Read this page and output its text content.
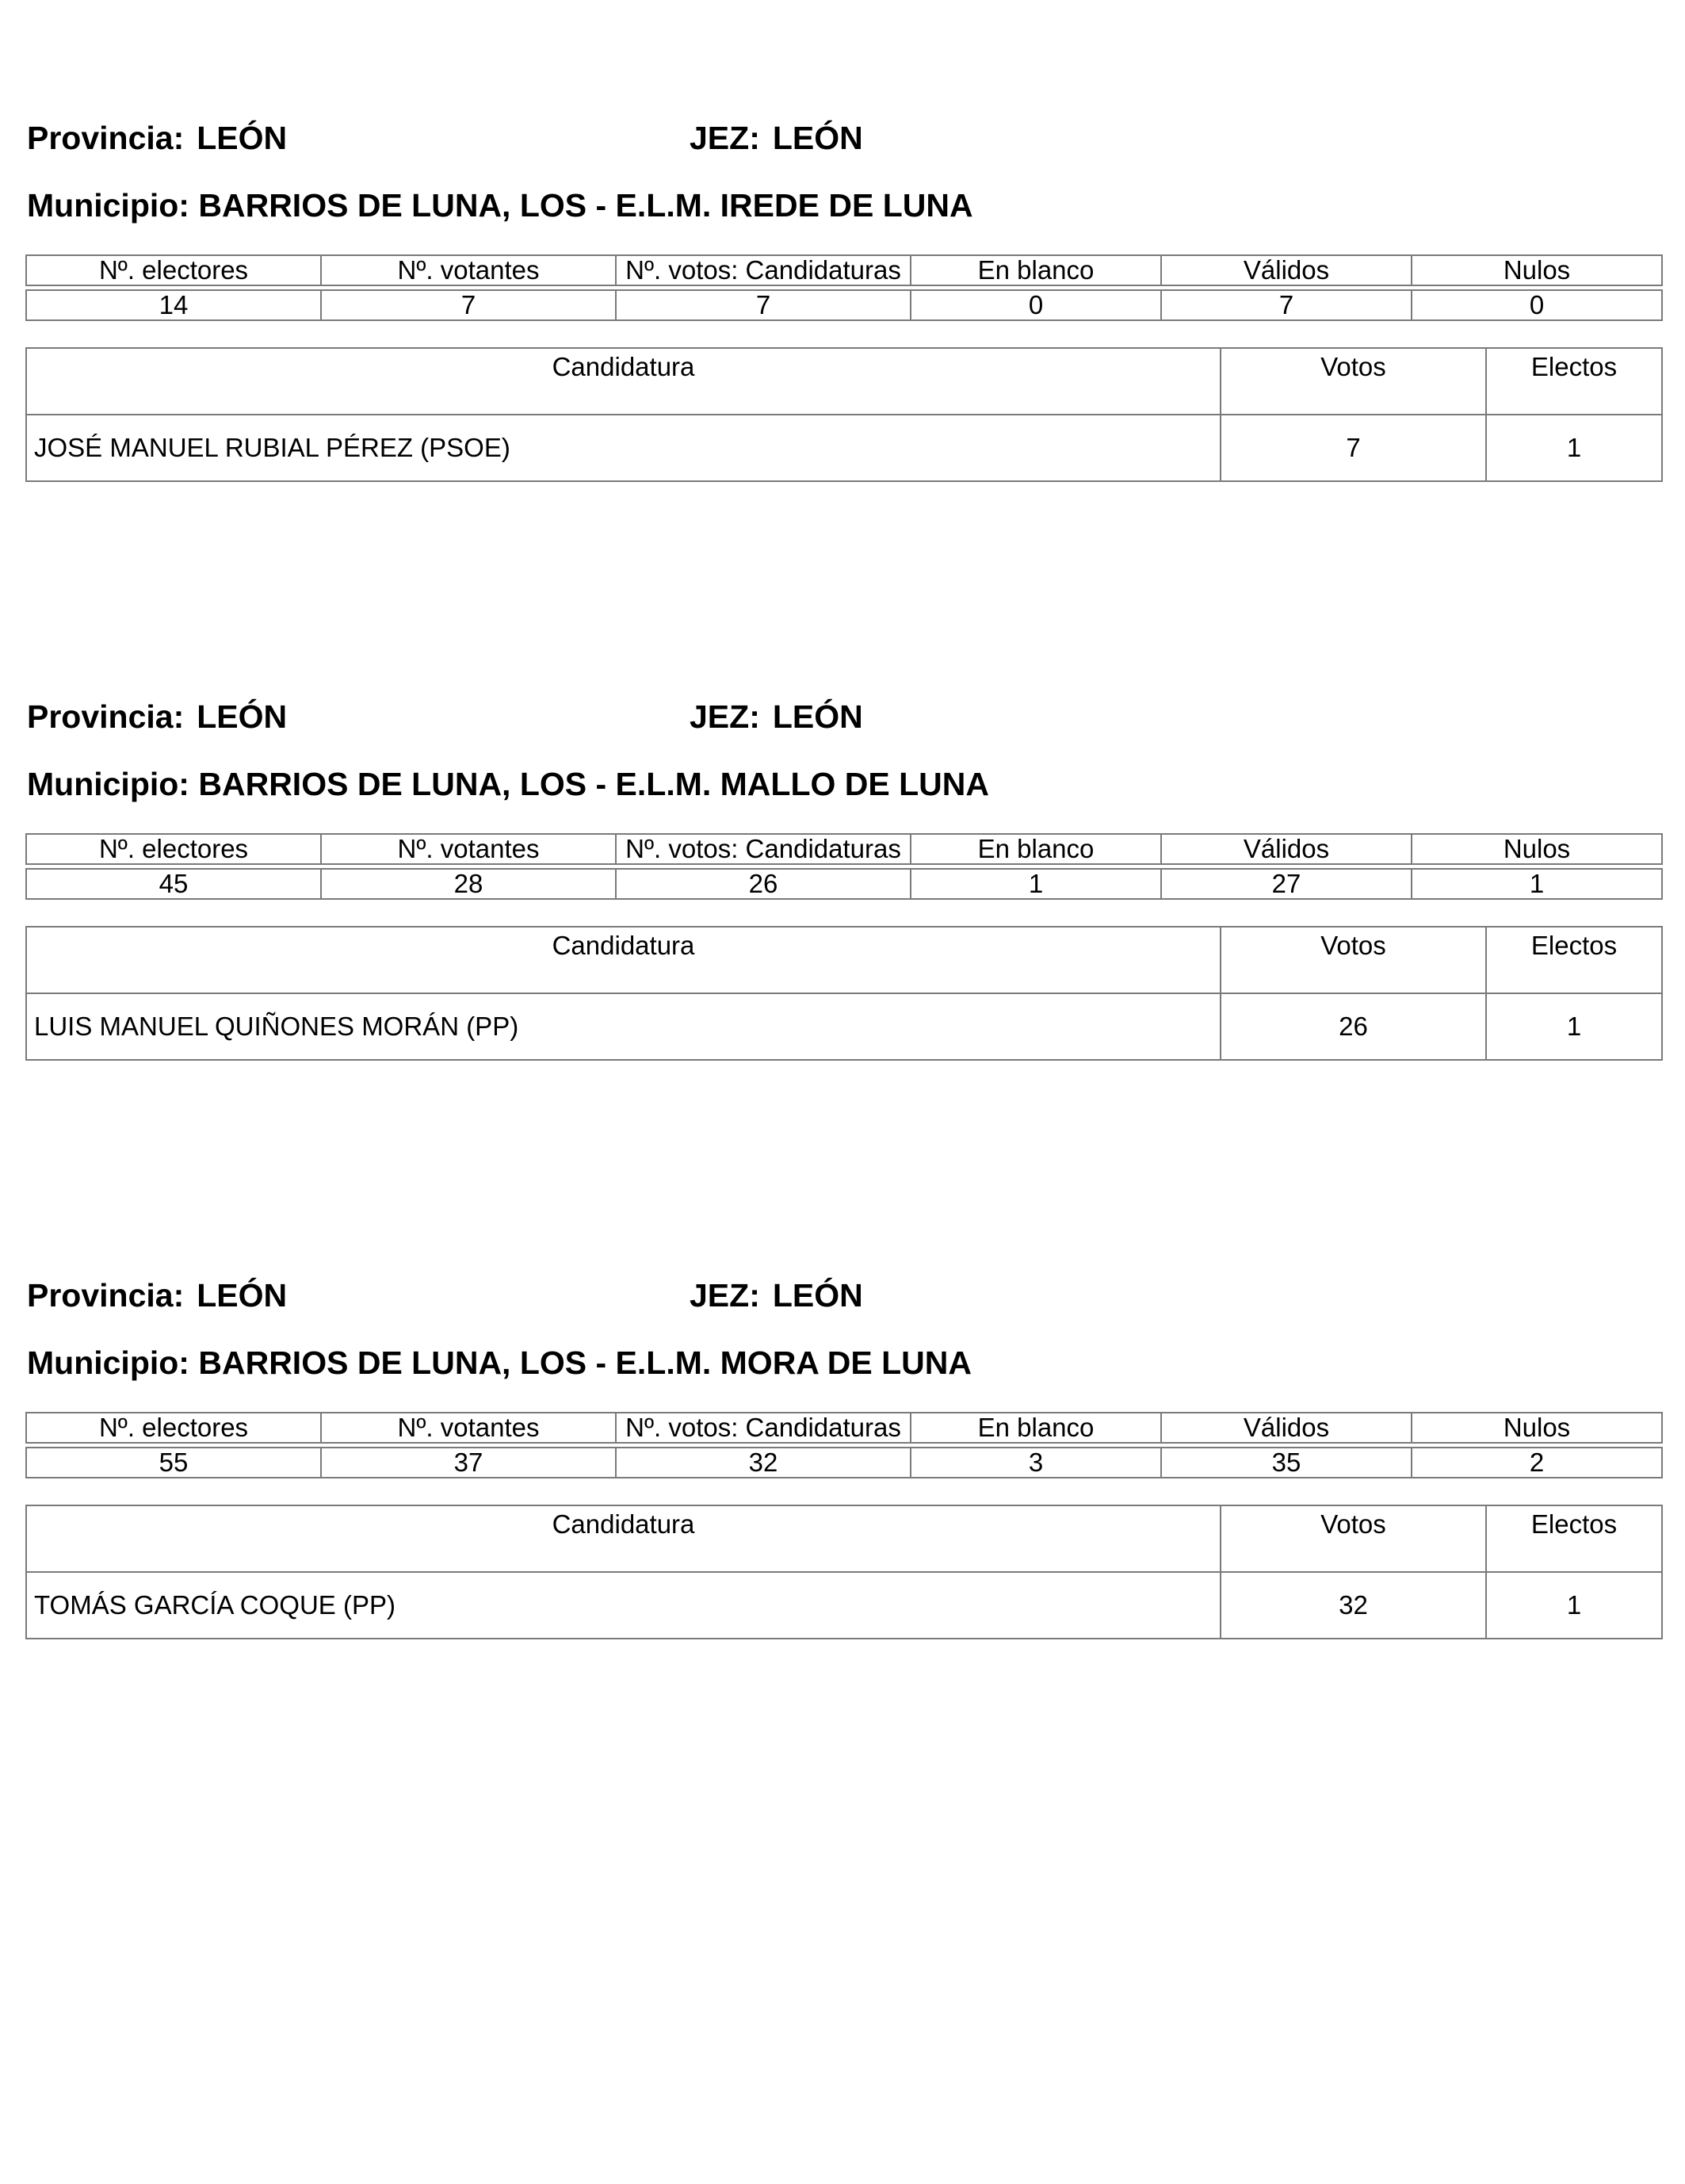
Provincia: LEÓN	JEZ: LEÓN
Municipio: BARRIOS DE LUNA, LOS - E.L.M. IREDE DE LUNA
Nº. electores	Nº. votantes	Nº. votos: Candidaturas	En blanco	Válidos	Nulos

14	7	7	0	7	0
Candidatura	Votos	Electos
JOSÉ MANUEL RUBIAL PÉREZ (PSOE)	7	1
Provincia: LEÓN	JEZ: LEÓN
Municipio: BARRIOS DE LUNA, LOS - E.L.M. MALLO DE LUNA
Nº. electores	Nº. votantes	Nº. votos: Candidaturas	En blanco	Válidos	Nulos

45	28	26	1	27	1
Candidatura	Votos	Electos
LUIS MANUEL QUIÑONES MORÁN (PP)	26	1
Provincia: LEÓN	JEZ: LEÓN
Municipio: BARRIOS DE LUNA, LOS - E.L.M. MORA DE LUNA
Nº. electores	Nº. votantes	Nº. votos: Candidaturas	En blanco	Válidos	Nulos

55	37	32	3	35	2
Candidatura	Votos	Electos
TOMÁS GARCÍA COQUE (PP)	32	1
